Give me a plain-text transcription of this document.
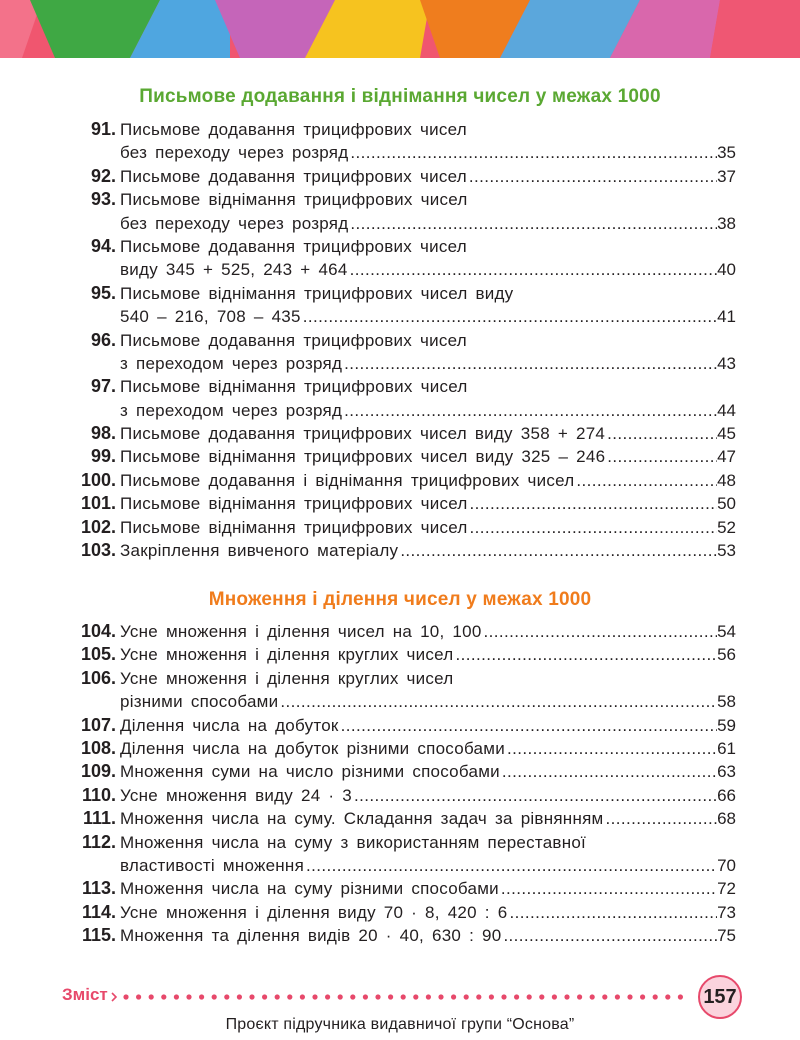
Письмове додавання і віднімання чисел у межах 1000
91. Письмове додавання трицифрових чисел
без переходу через розряд .....	35
92. Письмове додавання трицифрових чисел .....	37
93. Письмове віднімання трицифрових чисел
без переходу через розряд .....	38
94. Письмове додавання трицифрових чисел
виду 345 + 525, 243 + 464 .....	40
95. Письмове віднімання трицифрових чисел виду
540 – 216, 708 – 435 .....	41
96. Письмове додавання трицифрових чисел
з переходом через розряд .....	43
97. Письмове віднімання трицифрових чисел
з переходом через розряд .....	44
98. Письмове додавання трицифрових чисел виду 358 + 274 .....	45
99. Письмове віднімання трицифрових чисел виду 325 – 246 .....	47
100. Письмове додавання і віднімання трицифрових чисел .....	48
101. Письмове віднімання трицифрових чисел .....	50
102. Письмове віднімання трицифрових чисел .....	52
103. Закріплення вивченого матеріалу .....	53
Множення і ділення чисел у межах 1000
104. Усне множення і ділення чисел на 10, 100 .....	54
105. Усне множення і ділення круглих чисел .....	56
106. Усне множення і ділення круглих чисел
різними способами .....	58
107. Ділення числа на добуток .....	59
108. Ділення числа на добуток різними способами .....	61
109. Множення суми на число різними способами .....	63
110. Усне множення виду 24 · 3 .....	66
111. Множення числа на суму. Складання задач за рівнянням .....	68
112. Множення числа на суму з використанням переставної
властивості множення .....	70
113. Множення числа на суму різними способами .....	72
114. Усне множення і ділення виду 70 · 8, 420 : 6 .....	73
115. Множення та ділення видів 20 · 40, 630 : 90 .....	75
Зміст	157
Проєкт підручника видавничої групи “Основа”
